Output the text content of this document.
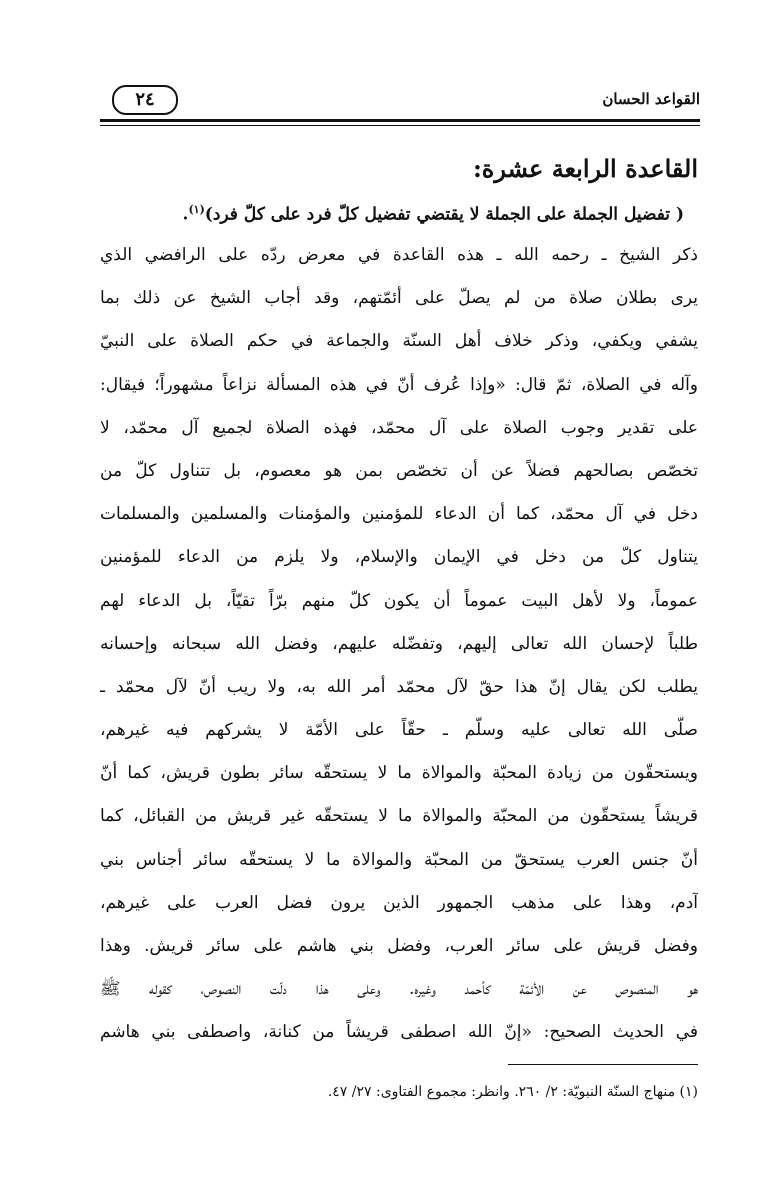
القواعد الحسان
٢٤
القاعدة الرابعة عشرة:
( تفضيل الجملة على الجملة لا يقتضي تفضيل كلّ فرد على كلّ فرد)$^{(١)}$.
ذكر الشيخ ـ رحمه الله ـ هذه القاعدة في معرض ردّه على الرافضي الذي
يرى بطلان صلاة من لم يصلّ على أئمّتهم، وقد أجاب الشيخ عن ذلك بما
يشفي ويكفي، وذكر خلاف أهل السنّة والجماعة في حكم الصلاة على النبيّ
وآله في الصلاة، ثمّ قال: «وإذا عُرف أنّ في هذه المسألة نزاعاً مشهوراً؛ فيقال:
على تقدير وجوب الصلاة على آل محمّد، فهذه الصلاة لجميع آل محمّد، لا
تخصّص بصالحهم فضلاً عن أن تخصّص بمن هو معصوم، بل تتناول كلّ من
دخل في آل محمّد، كما أن الدعاء للمؤمنين والمؤمنات والمسلمين والمسلمات
يتناول كلّ من دخل في الإيمان والإسلام، ولا يلزم من الدعاء للمؤمنين
عموماً، ولا لأهل البيت عموماً أن يكون كلّ منهم برّاً تقيّاً، بل الدعاء لهم
طلباً لإحسان الله تعالى إليهم، وتفضّله عليهم، وفضل الله سبحانه وإحسانه
يطلب لكن يقال إنّ هذا حقّ لآل محمّد أمر الله به، ولا ريب أنّ لآل محمّد ـ
صلّى الله تعالى عليه وسلّم ـ حقّاً على الأمّة لا يشركهم فيه غيرهم،
ويستحقّون من زيادة المحبّة والموالاة ما لا يستحقّه سائر بطون قريش، كما أنّ
قريشاً يستحقّون من المحبّة والموالاة ما لا يستحقّه غير قريش من القبائل، كما
أنّ جنس العرب يستحقّ من المحبّة والموالاة ما لا يستحقّه سائر أجناس بني
آدم، وهذا على مذهب الجمهور الذين يرون فضل العرب على غيرهم،
وفضل قريش على سائر العرب، وفضل بني هاشم على سائر قريش. وهذا
هو المنصوص عن الأئمّة كأحمد وغيره. وعلى هذا دلّت النصوص، كقوله ﷺ
في الحديث الصحيح: «إنّ الله اصطفى قريشاً من كنانة، واصطفى بني هاشم
(١) منهاج السنّة النبويّة: ٢/ ٢٦٠. وانظر: مجموع الفتاوى: ٢٧/ ٤٧.
